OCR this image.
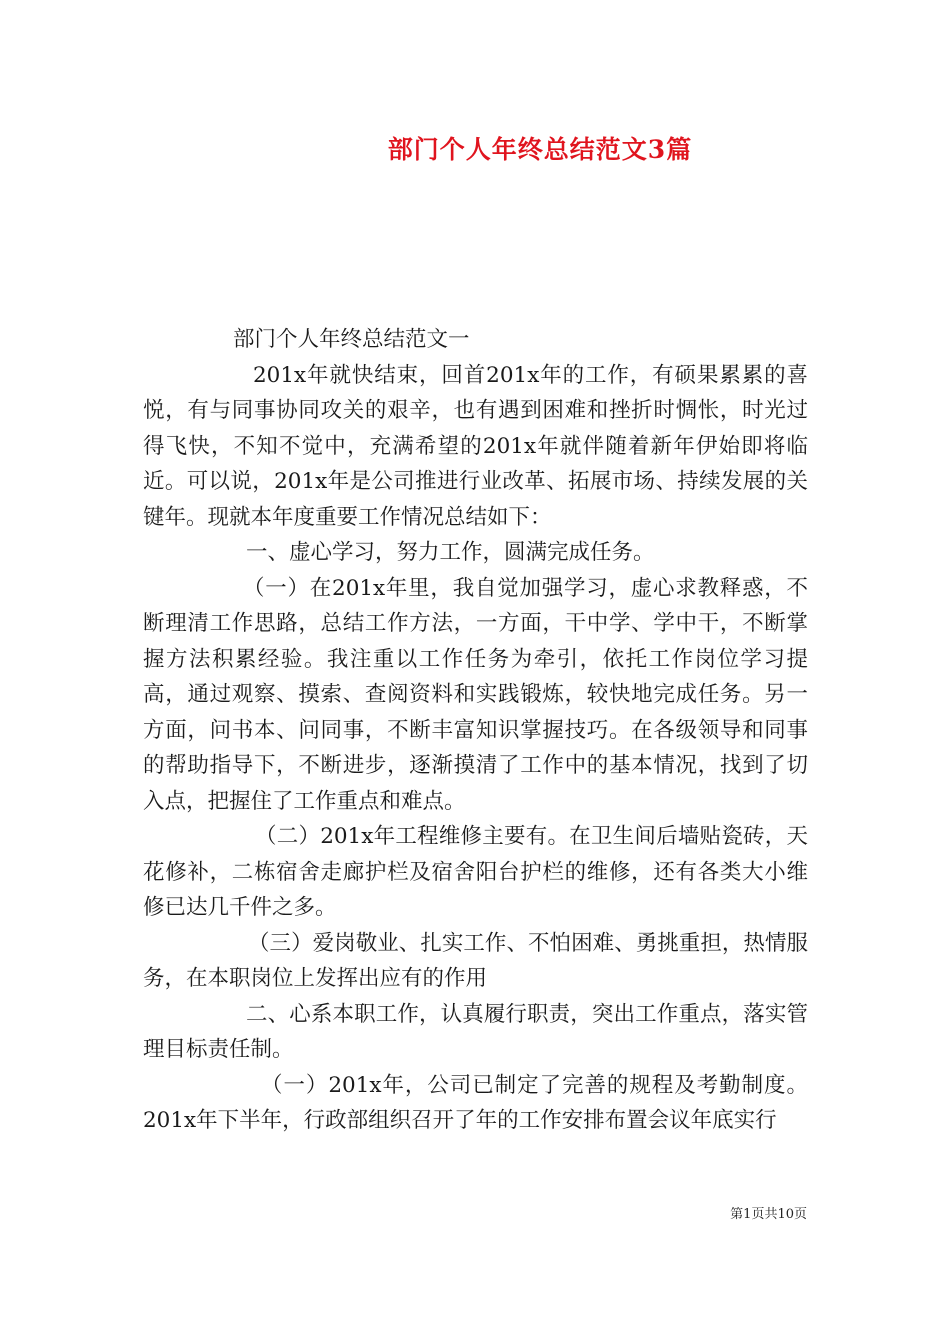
部门个人年终总结范文3篇

部门个人年终总结范文一

201x年就快结束，回首201x年的工作，有硕果累累的喜悦，有与同事协同攻关的艰辛，也有遇到困难和挫折时惆怅，时光过得飞快，不知不觉中，充满希望的201x年就伴随着新年伊始即将临近。可以说，201x年是公司推进行业改革、拓展市场、持续发展的关键年。现就本年度重要工作情况总结如下：

一、虚心学习，努力工作，圆满完成任务。

（一）在201x年里，我自觉加强学习，虚心求教释惑，不断理清工作思路，总结工作方法，一方面，干中学、学中干，不断掌握方法积累经验。我注重以工作任务为牵引，依托工作岗位学习提高，通过观察、摸索、查阅资料和实践锻炼，较快地完成任务。另一方面，问书本、问同事，不断丰富知识掌握技巧。在各级领导和同事的帮助指导下，不断进步，逐渐摸清了工作中的基本情况，找到了切入点，把握住了工作重点和难点。

（二）201x年工程维修主要有。在卫生间后墙贴瓷砖，天花修补，二栋宿舍走廊护栏及宿舍阳台护栏的维修，还有各类大小维修已达几千件之多。

（三）爱岗敬业、扎实工作、不怕困难、勇挑重担，热情服务，在本职岗位上发挥出应有的作用

二、心系本职工作，认真履行职责，突出工作重点，落实管理目标责任制。

（一）201x年，公司已制定了完善的规程及考勤制度。201x年下半年，行政部组织召开了年的工作安排布置会议年底实行

第1页共10页
